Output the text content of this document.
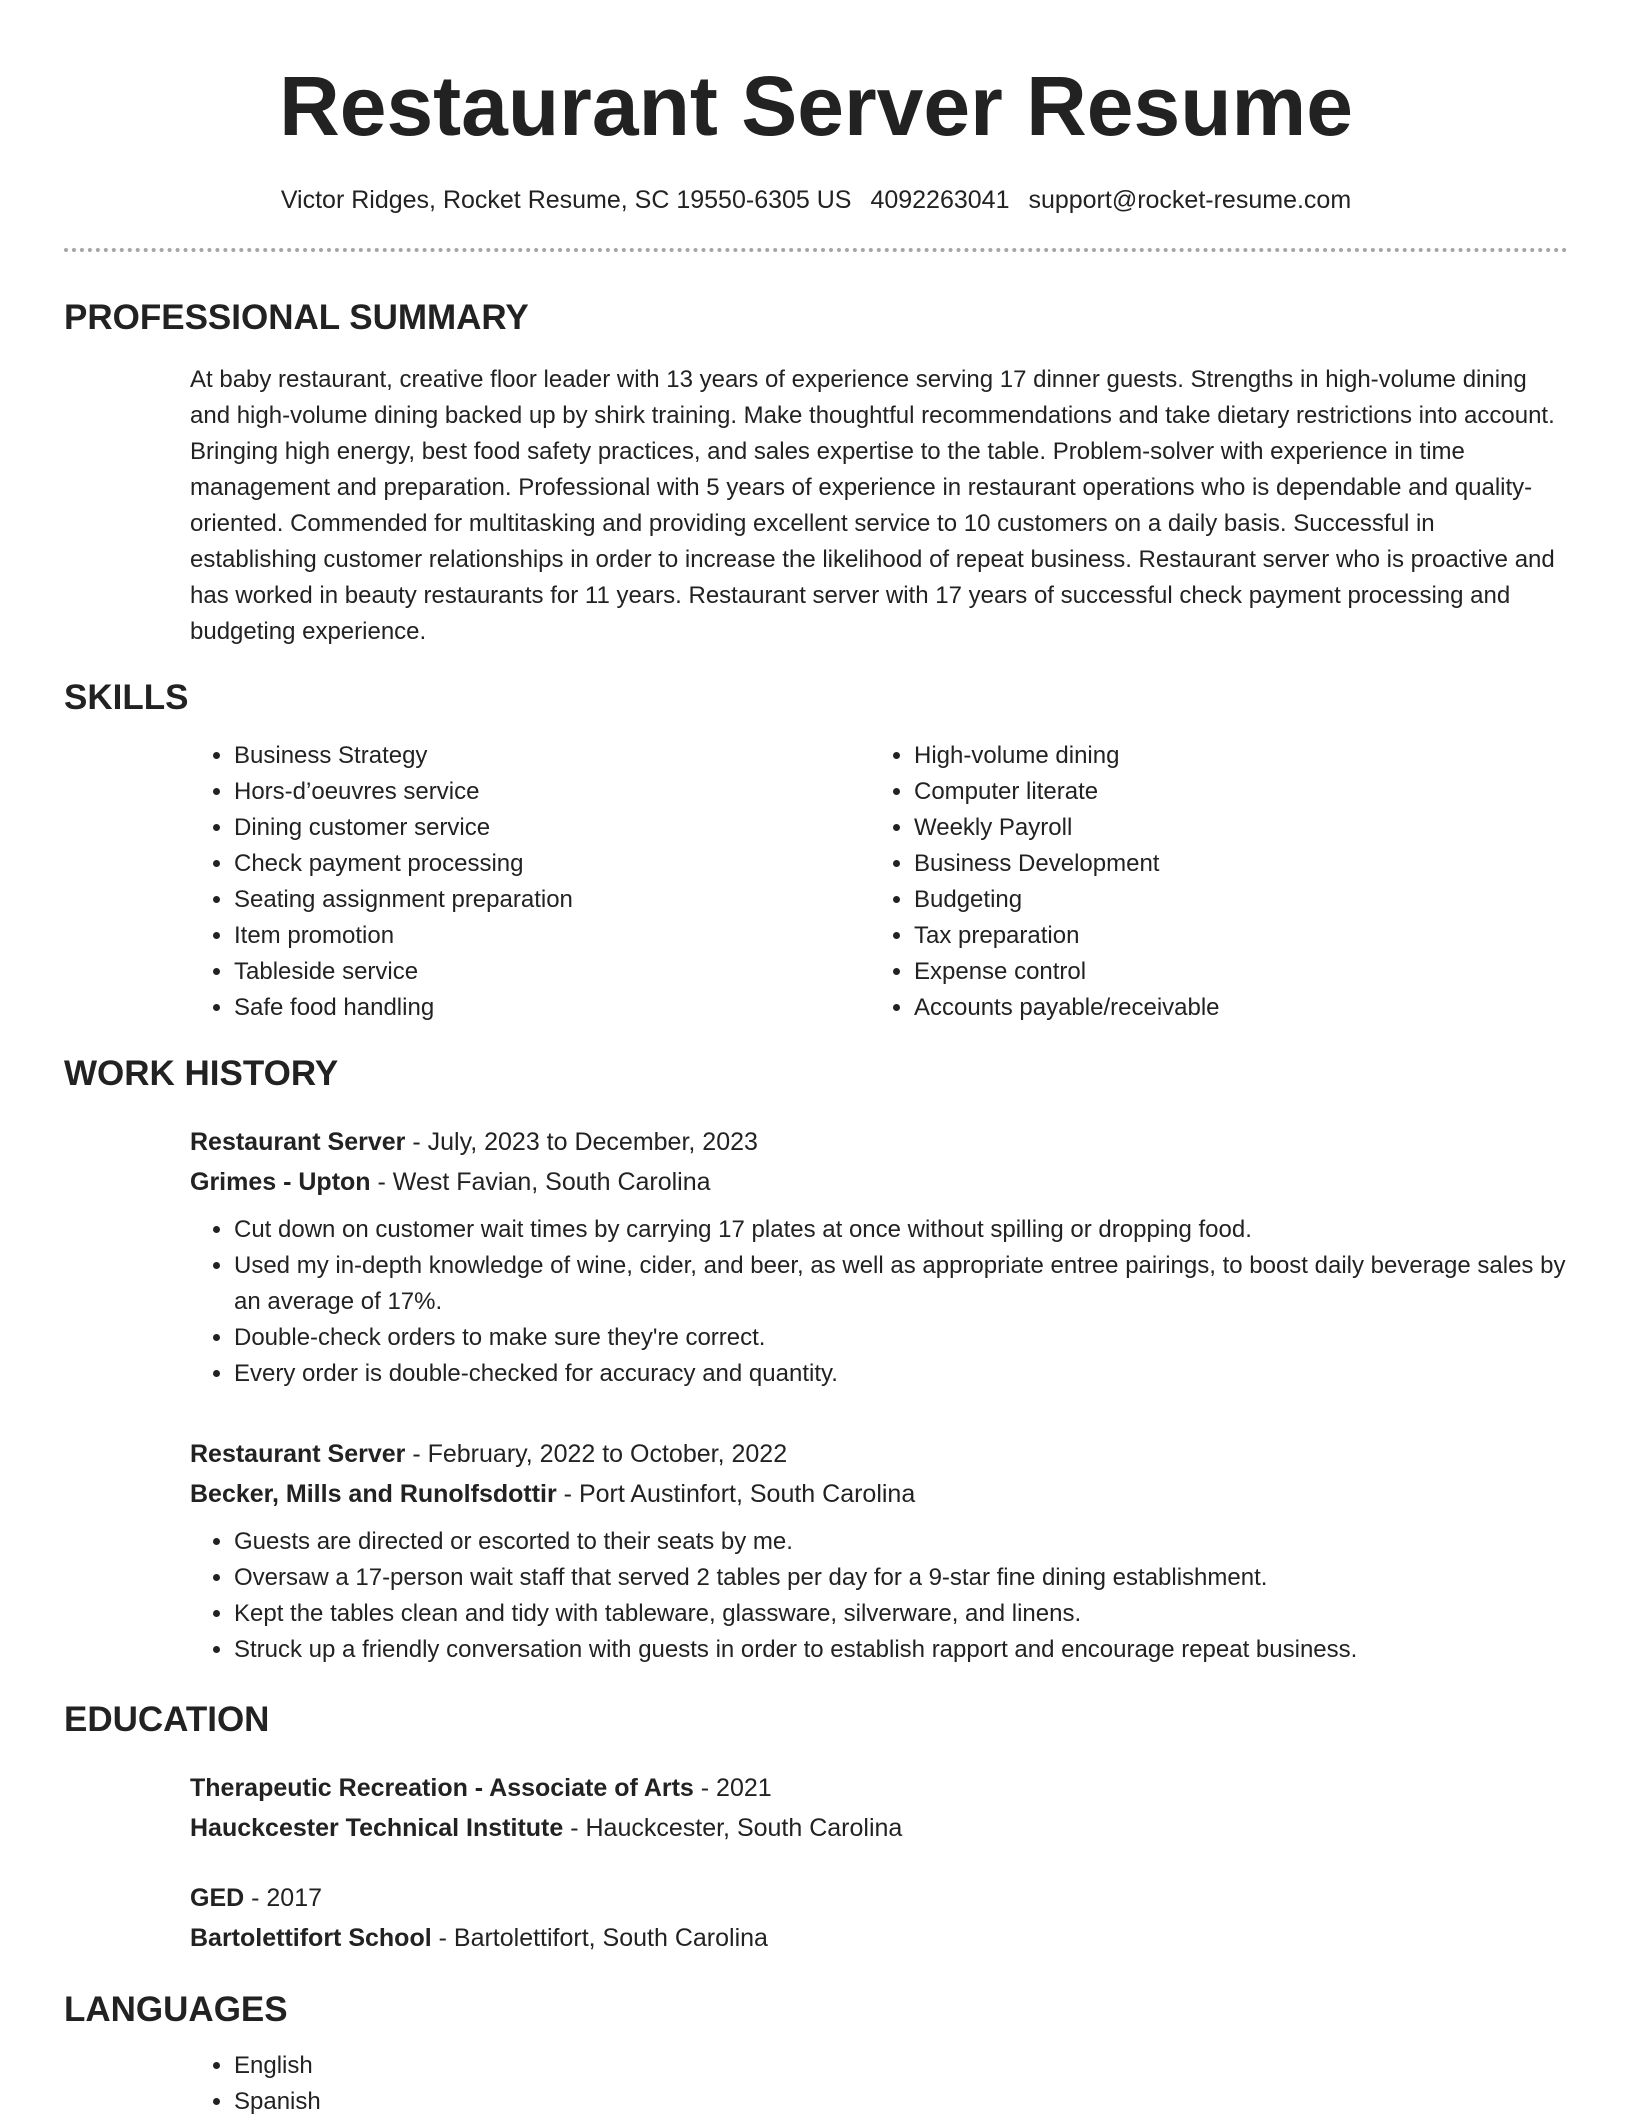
Restaurant Server Resume
Victor Ridges, Rocket Resume, SC 19550-6305 US 4092263041 support@rocket-resume.com
PROFESSIONAL SUMMARY
At baby restaurant, creative floor leader with 13 years of experience serving 17 dinner guests. Strengths in high-volume dining and high-volume dining backed up by shirk training. Make thoughtful recommendations and take dietary restrictions into account. Bringing high energy, best food safety practices, and sales expertise to the table. Problem-solver with experience in time management and preparation. Professional with 5 years of experience in restaurant operations who is dependable and quality-oriented. Commended for multitasking and providing excellent service to 10 customers on a daily basis. Successful in establishing customer relationships in order to increase the likelihood of repeat business. Restaurant server who is proactive and has worked in beauty restaurants for 11 years. Restaurant server with 17 years of successful check payment processing and budgeting experience.
SKILLS
• Business Strategy
• Hors-d’oeuvres service
• Dining customer service
• Check payment processing
• Seating assignment preparation
• Item promotion
• Tableside service
• Safe food handling
• High-volume dining
• Computer literate
• Weekly Payroll
• Business Development
• Budgeting
• Tax preparation
• Expense control
• Accounts payable/receivable
WORK HISTORY
Restaurant Server - July, 2023 to December, 2023
Grimes - Upton - West Favian, South Carolina
• Cut down on customer wait times by carrying 17 plates at once without spilling or dropping food.
• Used my in-depth knowledge of wine, cider, and beer, as well as appropriate entree pairings, to boost daily beverage sales by an average of 17%.
• Double-check orders to make sure they're correct.
• Every order is double-checked for accuracy and quantity.
Restaurant Server - February, 2022 to October, 2022
Becker, Mills and Runolfsdottir - Port Austinfort, South Carolina
• Guests are directed or escorted to their seats by me.
• Oversaw a 17-person wait staff that served 2 tables per day for a 9-star fine dining establishment.
• Kept the tables clean and tidy with tableware, glassware, silverware, and linens.
• Struck up a friendly conversation with guests in order to establish rapport and encourage repeat business.
EDUCATION
Therapeutic Recreation - Associate of Arts - 2021
Hauckcester Technical Institute - Hauckcester, South Carolina
GED - 2017
Bartolettifort School - Bartolettifort, South Carolina
LANGUAGES
• English
• Spanish
